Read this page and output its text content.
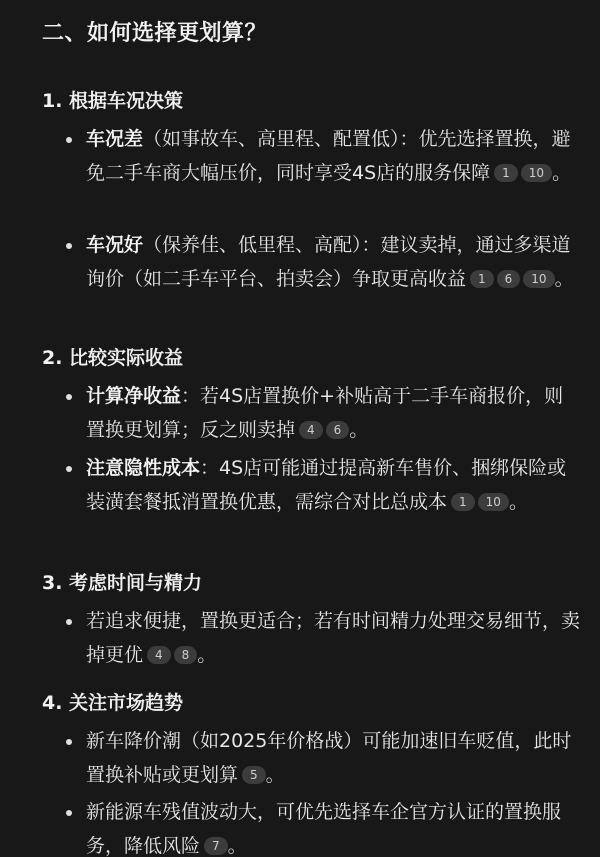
二、如何选择更划算？
1. 根据车况决策
车况差（如事故车、高里程、配置低）：优先选择置换，避免二手车商大幅压价，同时享受4S店的服务保障 1 10 。
车况好（保养佳、低里程、高配）：建议卖掉，通过多渠道询价（如二手车平台、拍卖会）争取更高收益 1 6 10 。
2. 比较实际收益
计算净收益：若4S店置换价+补贴高于二手车商报价，则置换更划算；反之则卖掉 4 6 。
注意隐性成本：4S店可能通过提高新车售价、捆绑保险或装潢套餐抵消置换优惠，需综合对比总成本 1 10 。
3. 考虑时间与精力
若追求便捷，置换更适合；若有时间精力处理交易细节，卖掉更优 4 8 。
4. 关注市场趋势
新车降价潮（如2025年价格战）可能加速旧车贬值，此时置换补贴或更划算 5 。
新能源车残值波动大，可优先选择车企官方认证的置换服务，降低风险 7 。
